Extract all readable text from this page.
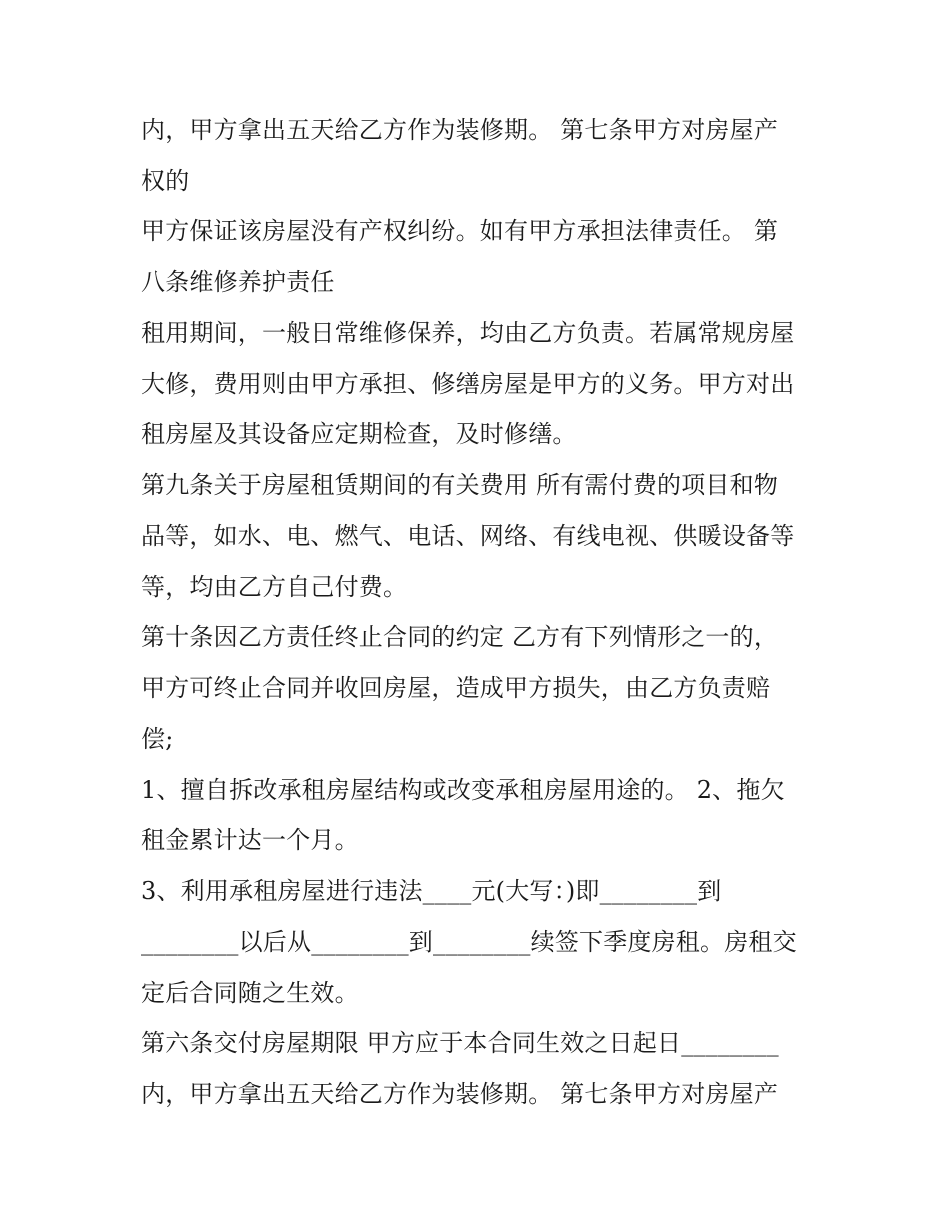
内，甲方拿出五天给乙方作为装修期。 第七条甲方对房屋产
权的
甲方保证该房屋没有产权纠纷。如有甲方承担法律责任。 第
八条维修养护责任
租用期间，一般日常维修保养，均由乙方负责。若属常规房屋
大修，费用则由甲方承担、修缮房屋是甲方的义务。甲方对出
租房屋及其设备应定期检查，及时修缮。
第九条关于房屋租赁期间的有关费用 所有需付费的项目和物
品等，如水、电、燃气、电话、网络、有线电视、供暖设备等
等，均由乙方自己付费。
第十条因乙方责任终止合同的约定 乙方有下列情形之一的，
甲方可终止合同并收回房屋，造成甲方损失，由乙方负责赔
偿;
1、擅自拆改承租房屋结构或改变承租房屋用途的。 2、拖欠
租金累计达一个月。
3、利用承租房屋进行违法____元(大写：)即________到
________以后从________到________续签下季度房租。房租交
定后合同随之生效。
第六条交付房屋期限 甲方应于本合同生效之日起日________
内，甲方拿出五天给乙方作为装修期。 第七条甲方对房屋产
